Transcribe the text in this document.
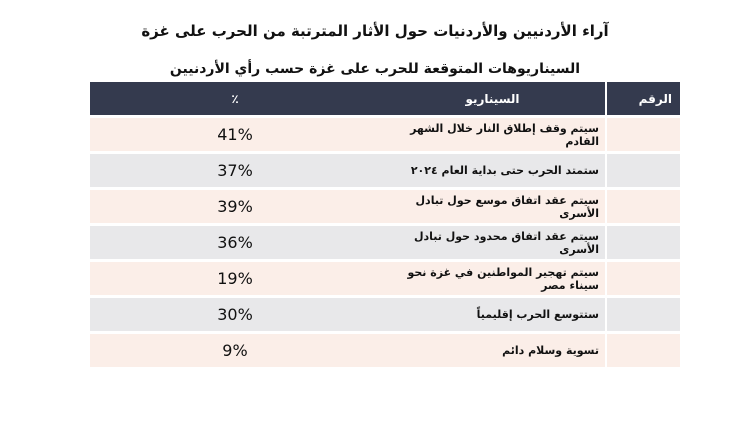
آراء الأردنيين والأردنيات حول الأثار المترتبة من الحرب على غزة
السيناريوهات المتوقعة للحرب على غزة حسب رأي الأردنيين
٪	السيناريو	الرقم
41%	سيتم وقف إطلاق النار خلال الشهر القادم	
37%	ستمتد الحرب حتى بداية العام ٢٠٢٤	
39%	سيتم عقد اتفاق موسع حول تبادل الأسرى	
36%	سيتم عقد اتفاق محدود حول تبادل الأسرى	
19%	سيتم تهجير المواطنين في غزة نحو سيناء مصر	
30%	ستتوسع الحرب إقليمياً	
9%	تسوية وسلام دائم	
